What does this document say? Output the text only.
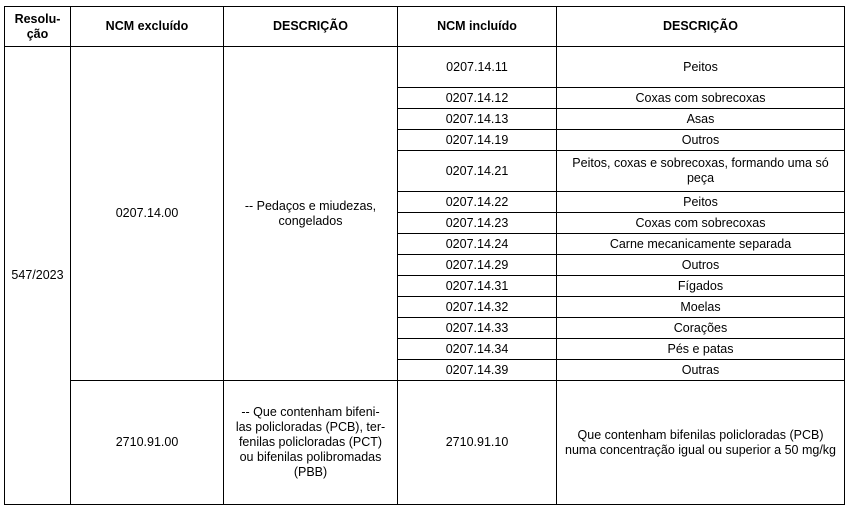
Resolu-
ção	NCM excluído	DESCRIÇÃO	NCM incluído	DESCRIÇÃO
547/2023	0207.14.00	-- Pedaços e miudezas, congelados	0207.14.11	Peitos
			0207.14.12	Coxas com sobrecoxas
			0207.14.13	Asas
			0207.14.19	Outros
			0207.14.21	Peitos, coxas e sobrecoxas, formando uma só peça
			0207.14.22	Peitos
			0207.14.23	Coxas com sobrecoxas
			0207.14.24	Carne mecanicamente separada
			0207.14.29	Outros
			0207.14.31	Fígados
			0207.14.32	Moelas
			0207.14.33	Corações
			0207.14.34	Pés e patas
			0207.14.39	Outras
	2710.91.00	-- Que contenham bifeni-
las policloradas (PCB), ter-
fenilas policloradas (PCT)
ou bifenilas polibromadas
(PBB)	2710.91.10	Que contenham bifenilas policloradas (PCB) numa concentração igual ou superior a 50 mg/kg
